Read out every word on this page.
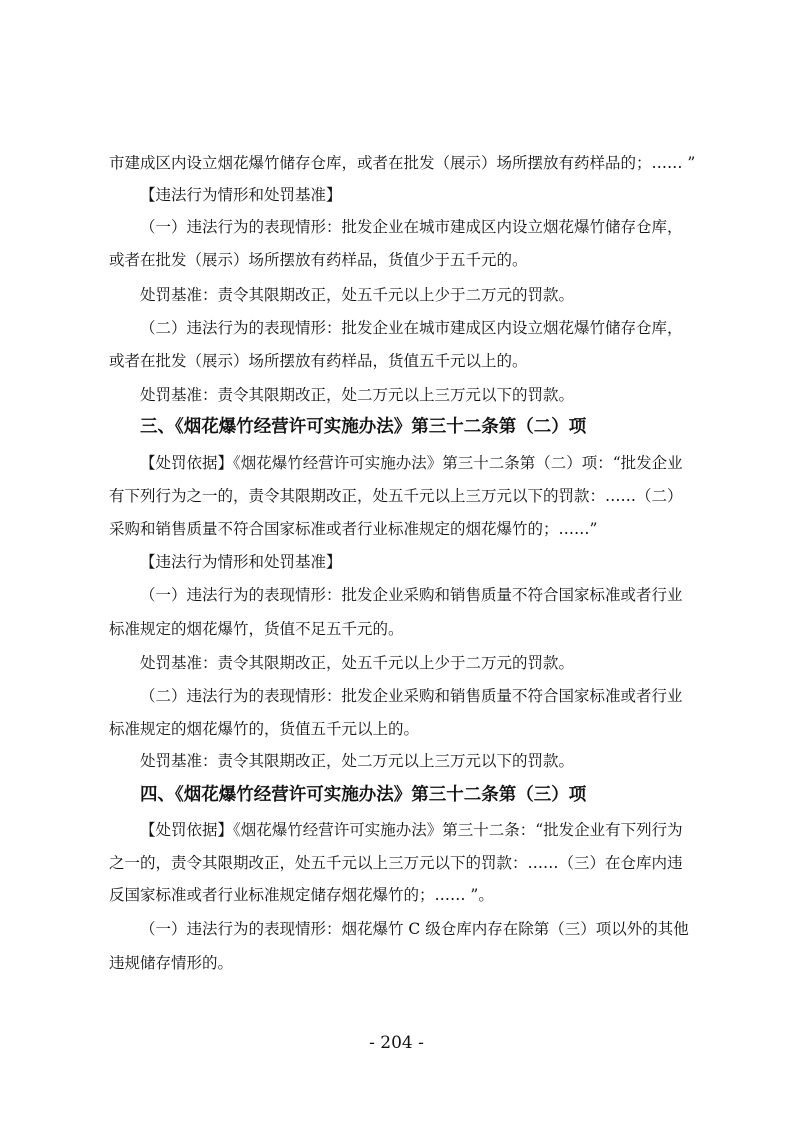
市建成区内设立烟花爆竹储存仓库，或者在批发（展示）场所摆放有药样品的；…… ”
【违法行为情形和处罚基准】
（一）违法行为的表现情形：批发企业在城市建成区内设立烟花爆竹储存仓库，
或者在批发（展示）场所摆放有药样品，货值少于五千元的。
处罚基准：责令其限期改正，处五千元以上少于二万元的罚款。
（二）违法行为的表现情形：批发企业在城市建成区内设立烟花爆竹储存仓库，
或者在批发（展示）场所摆放有药样品，货值五千元以上的。
处罚基准：责令其限期改正，处二万元以上三万元以下的罚款。
三、《烟花爆竹经营许可实施办法》第三十二条第（二）项
【处罚依据】《烟花爆竹经营许可实施办法》第三十二条第（二）项：“批发企业
有下列行为之一的，责令其限期改正，处五千元以上三万元以下的罚款：……（二）
采购和销售质量不符合国家标准或者行业标准规定的烟花爆竹的；……”
【违法行为情形和处罚基准】
（一）违法行为的表现情形：批发企业采购和销售质量不符合国家标准或者行业
标准规定的烟花爆竹，货值不足五千元的。
处罚基准：责令其限期改正，处五千元以上少于二万元的罚款。
（二）违法行为的表现情形：批发企业采购和销售质量不符合国家标准或者行业
标准规定的烟花爆竹的，货值五千元以上的。
处罚基准：责令其限期改正，处二万元以上三万元以下的罚款。
四、《烟花爆竹经营许可实施办法》第三十二条第（三）项
【处罚依据】《烟花爆竹经营许可实施办法》第三十二条：“批发企业有下列行为
之一的，责令其限期改正，处五千元以上三万元以下的罚款：……（三）在仓库内违
反国家标准或者行业标准规定储存烟花爆竹的；…… ”。
（一）违法行为的表现情形：烟花爆竹 C 级仓库内存在除第（三）项以外的其他
违规储存情形的。
- 204 -
